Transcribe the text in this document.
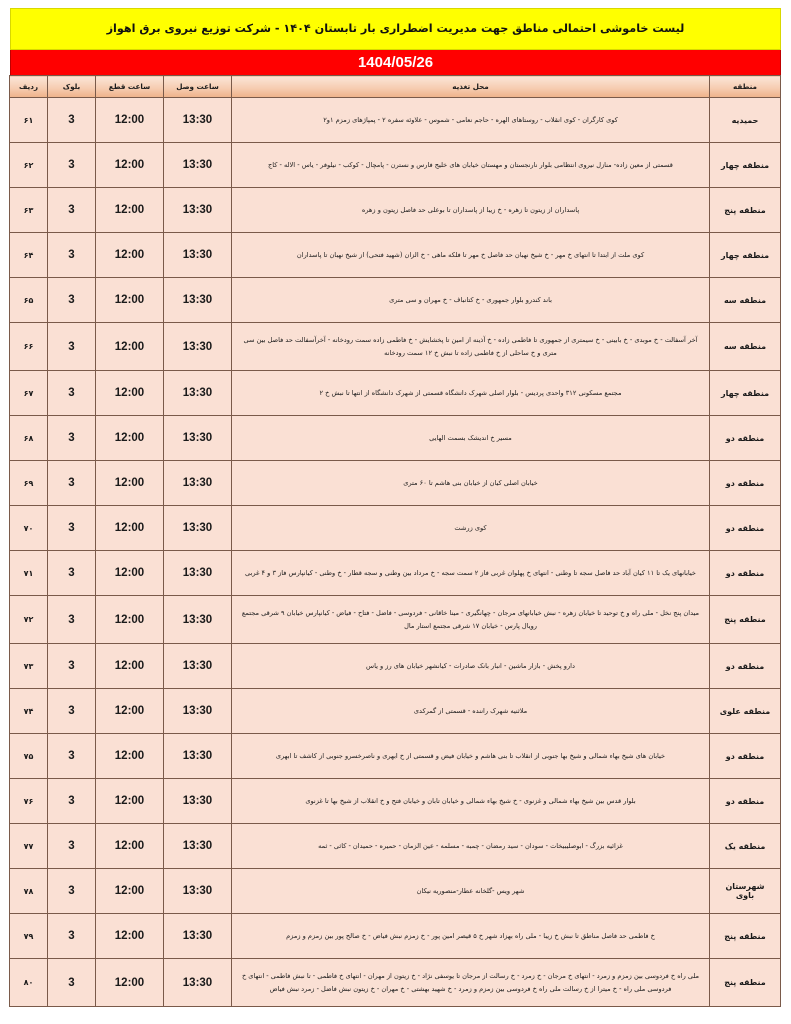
لیست خاموشی احتمالی مناطق جهت مدیریت اضطراری بار تابستان ۱۴۰۴ - شرکت توزیع نیروی برق اهواز
1404/05/26
منطقه	محل تغذیه	ساعت وصل	ساعت قطع	بلوک	ردیف
حمیدیه	کوی کارگران - کوی انقلاب - روستاهای الهره - حاجم نعامی - شموس - علاوئه سفره ۲ - پمپاژهای زمزم ۱و۲	13:30	12:00	3	۶۱
منطقه چهار	قسمتی از معین زاده- منازل نیروی انتظامی بلوار نارنجستان و مهستان خیابان های خلیج فارس و نسترن - پامچال - کوکب - نیلوفر - یاس - الاله - کاج	13:30	12:00	3	۶۲
منطقه پنج	پاسداران از زیتون تا زهره - خ زیبا از پاسداران تا بوعلی حد فاصل زیتون و زهره	13:30	12:00	3	۶۳
منطقه چهار	کوی ملت از ابتدا تا انتهای خ مهر - خ شیخ نهبان حد فاصل خ مهر تا فلکه ماهی - خ الزان (شهید فتحی) از شیخ نهبان تا پاسداران	13:30	12:00	3	۶۴
منطقه سه	باند کندرو بلوار جمهوری - خ کتانباف - خ مهران و سی متری	13:30	12:00	3	۶۵
منطقه سه	آخر آسفالت - خ موبدی - خ بابینی - خ سیمتری از جمهوری تا فاطمی زاده - خ آذینه از امین تا پخشایش - خ فاطمی زاده سمت رودخانه - آخرآسفالت حد فاصل بین سی متری و خ ساحلی از خ فاطمی زاده تا نبش خ ۱۲ سمت رودخانه	13:30	12:00	3	۶۶
منطقه چهار	مجتمع مسکونی ۳۱۲ واحدی پردیس - بلوار اصلی شهرک دانشگاه قسمتی از شهرک دانشگاه از انتها تا نبش خ ۲	13:30	12:00	3	۶۷
منطقه دو	مسیر خ اندیشک بسمت الهایی	13:30	12:00	3	۶۸
منطقه دو	خیابان اصلی کیان از خیابان بنی هاشم تا ۶۰ متری	13:30	12:00	3	۶۹
منطقه دو	کوی زرشت	13:30	12:00	3	۷۰
منطقه دو	خیابانهای یک تا ۱۱ کیان آباد حد فاصل سجه تا وطنی - انتهای خ پهلوان غربی فاز ۲ سمت سجه - خ مرداد بین وطنی و سجه قطار - خ وطنی - کیانپارس فاز ۳ و ۴ غربی	13:30	12:00	3	۷۱
منطقه پنج	میدان پنج نخل - ملی راه و خ توحید تا خیابان زهره - نبش خیابانهای مرجان - چهانگیری - مینا خاقانی - فردوسی - فاضل - فتاح - فیاض - کیانپارس خیابان ۹ شرقی مجتمع رویال پارس - خیابان ۱۷ شرقی مجتمع استار مال	13:30	12:00	3	۷۲
منطقه دو	دارو پخش - بازار ماشین - انبار بانک صادرات - کیانشهر خیابان های رز و یاس	13:30	12:00	3	۷۳
منطقه علوی	ملاثنیه شهرک راننده - قسمتی از گمرکدی	13:30	12:00	3	۷۴
منطقه دو	خیابان های شیخ بهاء شمالی و شیخ بها جنوبی از انقلاب تا بنی هاشم و خیابان فیض و قسمتی از خ ابهری و ناصرخسرو جنوبی از کاشف تا ابهری	13:30	12:00	3	۷۵
منطقه دو	بلوار قدس بین شیخ بهاء شمالی و غزنوی - خ شیخ بهاء شمالی و خیابان تابان و خیابان فتح و خ انقلاب از شیخ بها تا غزنوی	13:30	12:00	3	۷۶
منطقه یک	غزائیه بزرگ - ابوصلیبیخات - سودان - سید رمضان - چمبه - مسلمه - عین الزمان - حمیره - حمیدان - کاثی - ثمه	13:30	12:00	3	۷۷
شهرستان باوی	شهر ویس -گلخانه عطار-منصوریه نیکان	13:30	12:00	3	۷۸
منطقه پنج	خ فاطمی حد فاصل مناطق تا نبش خ زیبا - ملی راه بهزاد شهر خ ۵ قیصر امین پور - خ زمزم نبش فیاض - خ صالح پور بین زمزم و زمزم	13:30	12:00	3	۷۹
منطقه پنج	ملی راه خ فردوسی بین زمزم و زمرد - انتهای خ مرجان - خ زمرد - خ رسالت از مرجان تا یوسفی نژاد - خ زیتون از مهران - انتهای خ فاطمی - تا نبش فاطمی - انتهای خ فردوسی ملی راه - خ میترا از خ رسالت ملی راه خ فردوسی بین زمزم و زمرد - خ شهید بهشتی - خ مهران - خ زیتون نبش فاضل - زمرد نبش فیاض	13:30	12:00	3	۸۰
